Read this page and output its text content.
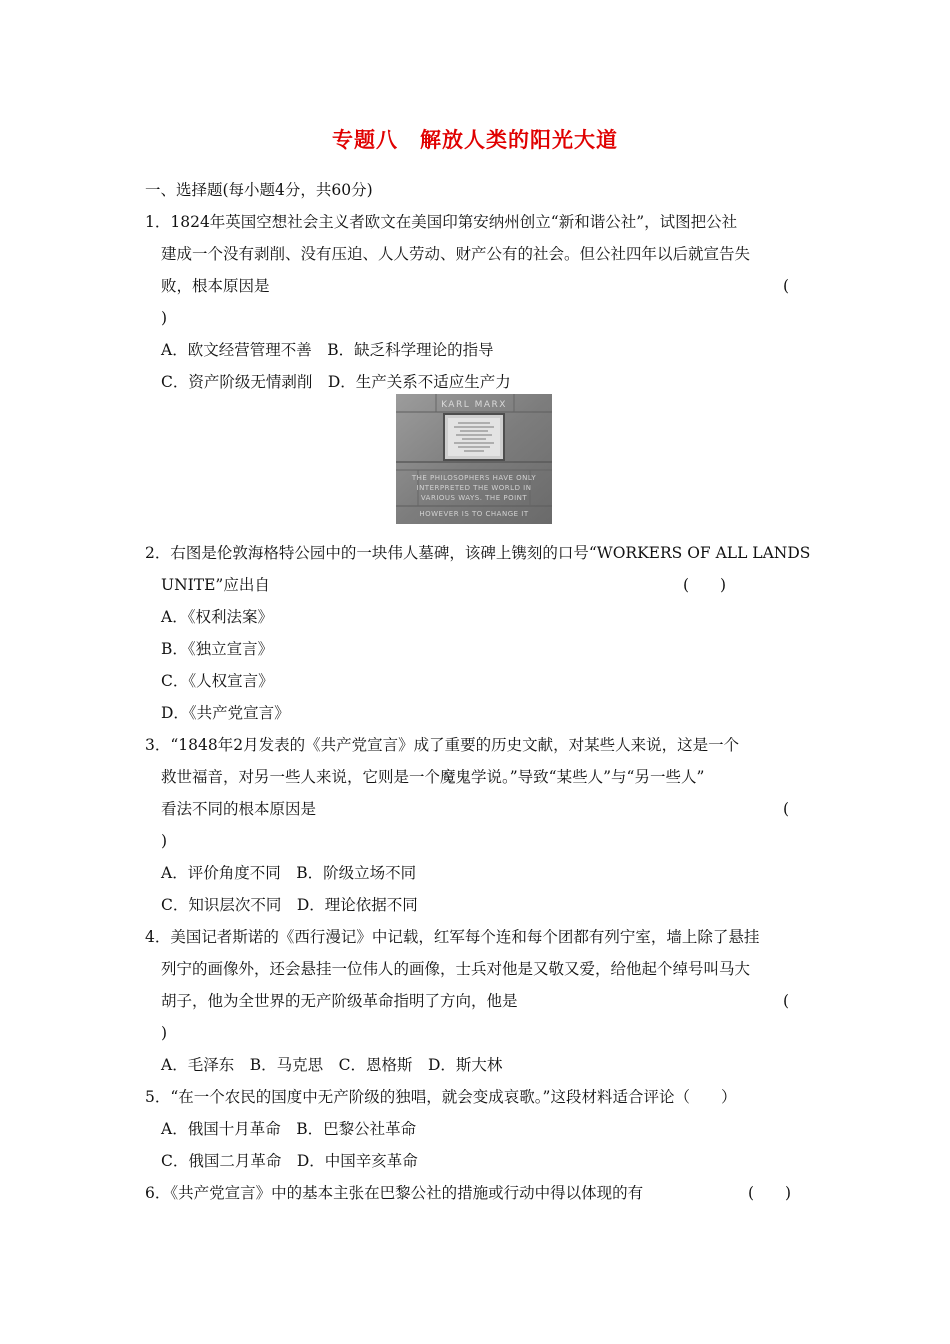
专题八　解放人类的阳光大道
一、选择题(每小题4分，共60分)
1．1824年英国空想社会主义者欧文在美国印第安纳州创立“新和谐公社”，试图把公社
建成一个没有剥削、没有压迫、人人劳动、财产公有的社会。但公社四年以后就宣告失
败，根本原因是	(
)
A．欧文经营管理不善　B．缺乏科学理论的指导
C．资产阶级无情剥削　D．生产关系不适应生产力
KARL MARX
THE PHILOSOPHERS HAVE ONLY
INTERPRETED THE WORLD IN
VARIOUS WAYS. THE POINT
HOWEVER IS TO CHANGE IT
2．右图是伦敦海格特公园中的一块伟人墓碑，该碑上镌刻的口号“WORKERS OF ALL LANDS
UNITE”应出自	(　　)
A．《权利法案》
B．《独立宣言》
C．《人权宣言》
D．《共产党宣言》
3．“1848年2月发表的《共产党宣言》成了重要的历史文献，对某些人来说，这是一个
救世福音，对另一些人来说，它则是一个魔鬼学说。”导致“某些人”与“另一些人”
看法不同的根本原因是	(
)
A．评价角度不同　B．阶级立场不同
C．知识层次不同　D．理论依据不同
4．美国记者斯诺的《西行漫记》中记载，红军每个连和每个团都有列宁室，墙上除了悬挂
列宁的画像外，还会悬挂一位伟人的画像，士兵对他是又敬又爱，给他起个绰号叫马大
胡子，他为全世界的无产阶级革命指明了方向，他是	(
)
A．毛泽东　B．马克思　C．恩格斯　D．斯大林
5．“在一个农民的国度中无产阶级的独唱，就会变成哀歌。”这段材料适合评论（　　）
A．俄国十月革命　B．巴黎公社革命
C．俄国二月革命　D．中国辛亥革命
6．《共产党宣言》中的基本主张在巴黎公社的措施或行动中得以体现的有	(　　)
